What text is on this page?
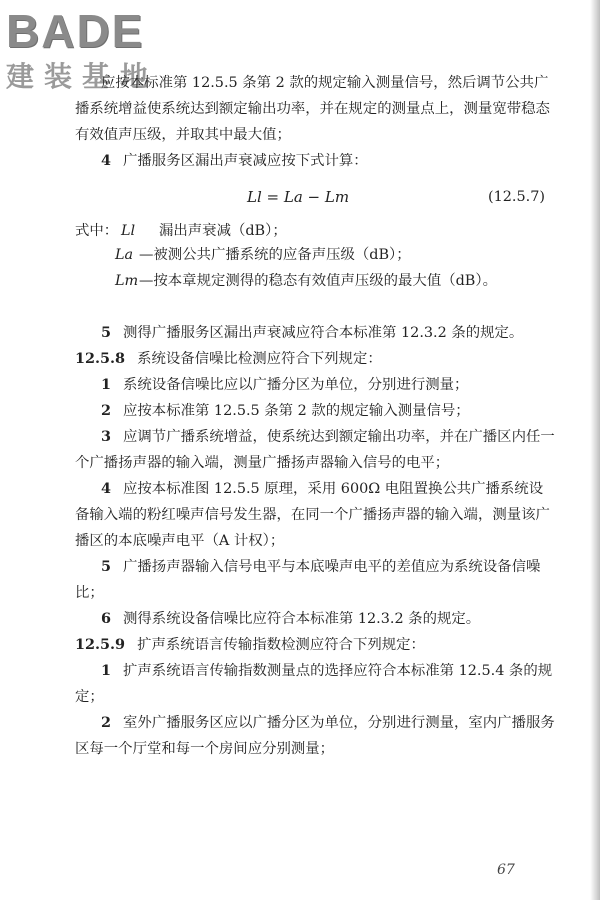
BADE
建装基地

应按本标准第 12.5.5 条第 2 款的规定输入测量信号，然后调节公共广播系统增益使系统达到额定输出功率，并在规定的测量点上，测量宽带稳态有效值声压级，并取其中最大值；

4 广播服务区漏出声衰减应按下式计算：

Ll = La − Lm	(12.5.7)
式中： Ll 漏出声衰减（dB）；
La —被测公共广播系统的应备声压级（dB）；
Lm —按本章规定测得的稳态有效值声压级的最大值（dB）。

5 测得广播服务区漏出声衰减应符合本标准第 12.3.2 条的规定。

12.5.8 系统设备信噪比检测应符合下列规定：

1 系统设备信噪比应以广播分区为单位，分别进行测量；

2 应按本标准第 12.5.5 条第 2 款的规定输入测量信号；

3 应调节广播系统增益，使系统达到额定输出功率，并在广播区内任一个广播扬声器的输入端，测量广播扬声器输入信号的电平；

4 应按本标准图 12.5.5 原理，采用 600Ω 电阻置换公共广播系统设备输入端的粉红噪声信号发生器，在同一个广播扬声器的输入端，测量该广播区的本底噪声电平（A 计权）；

5 广播扬声器输入信号电平与本底噪声电平的差值应为系统设备信噪比；

6 测得系统设备信噪比应符合本标准第 12.3.2 条的规定。

12.5.9 扩声系统语言传输指数检测应符合下列规定：

1 扩声系统语言传输指数测量点的选择应符合本标准第 12.5.4 条的规定；

2 室外广播服务区应以广播分区为单位，分别进行测量，室内广播服务区每一个厅堂和每一个房间应分别测量；

67
